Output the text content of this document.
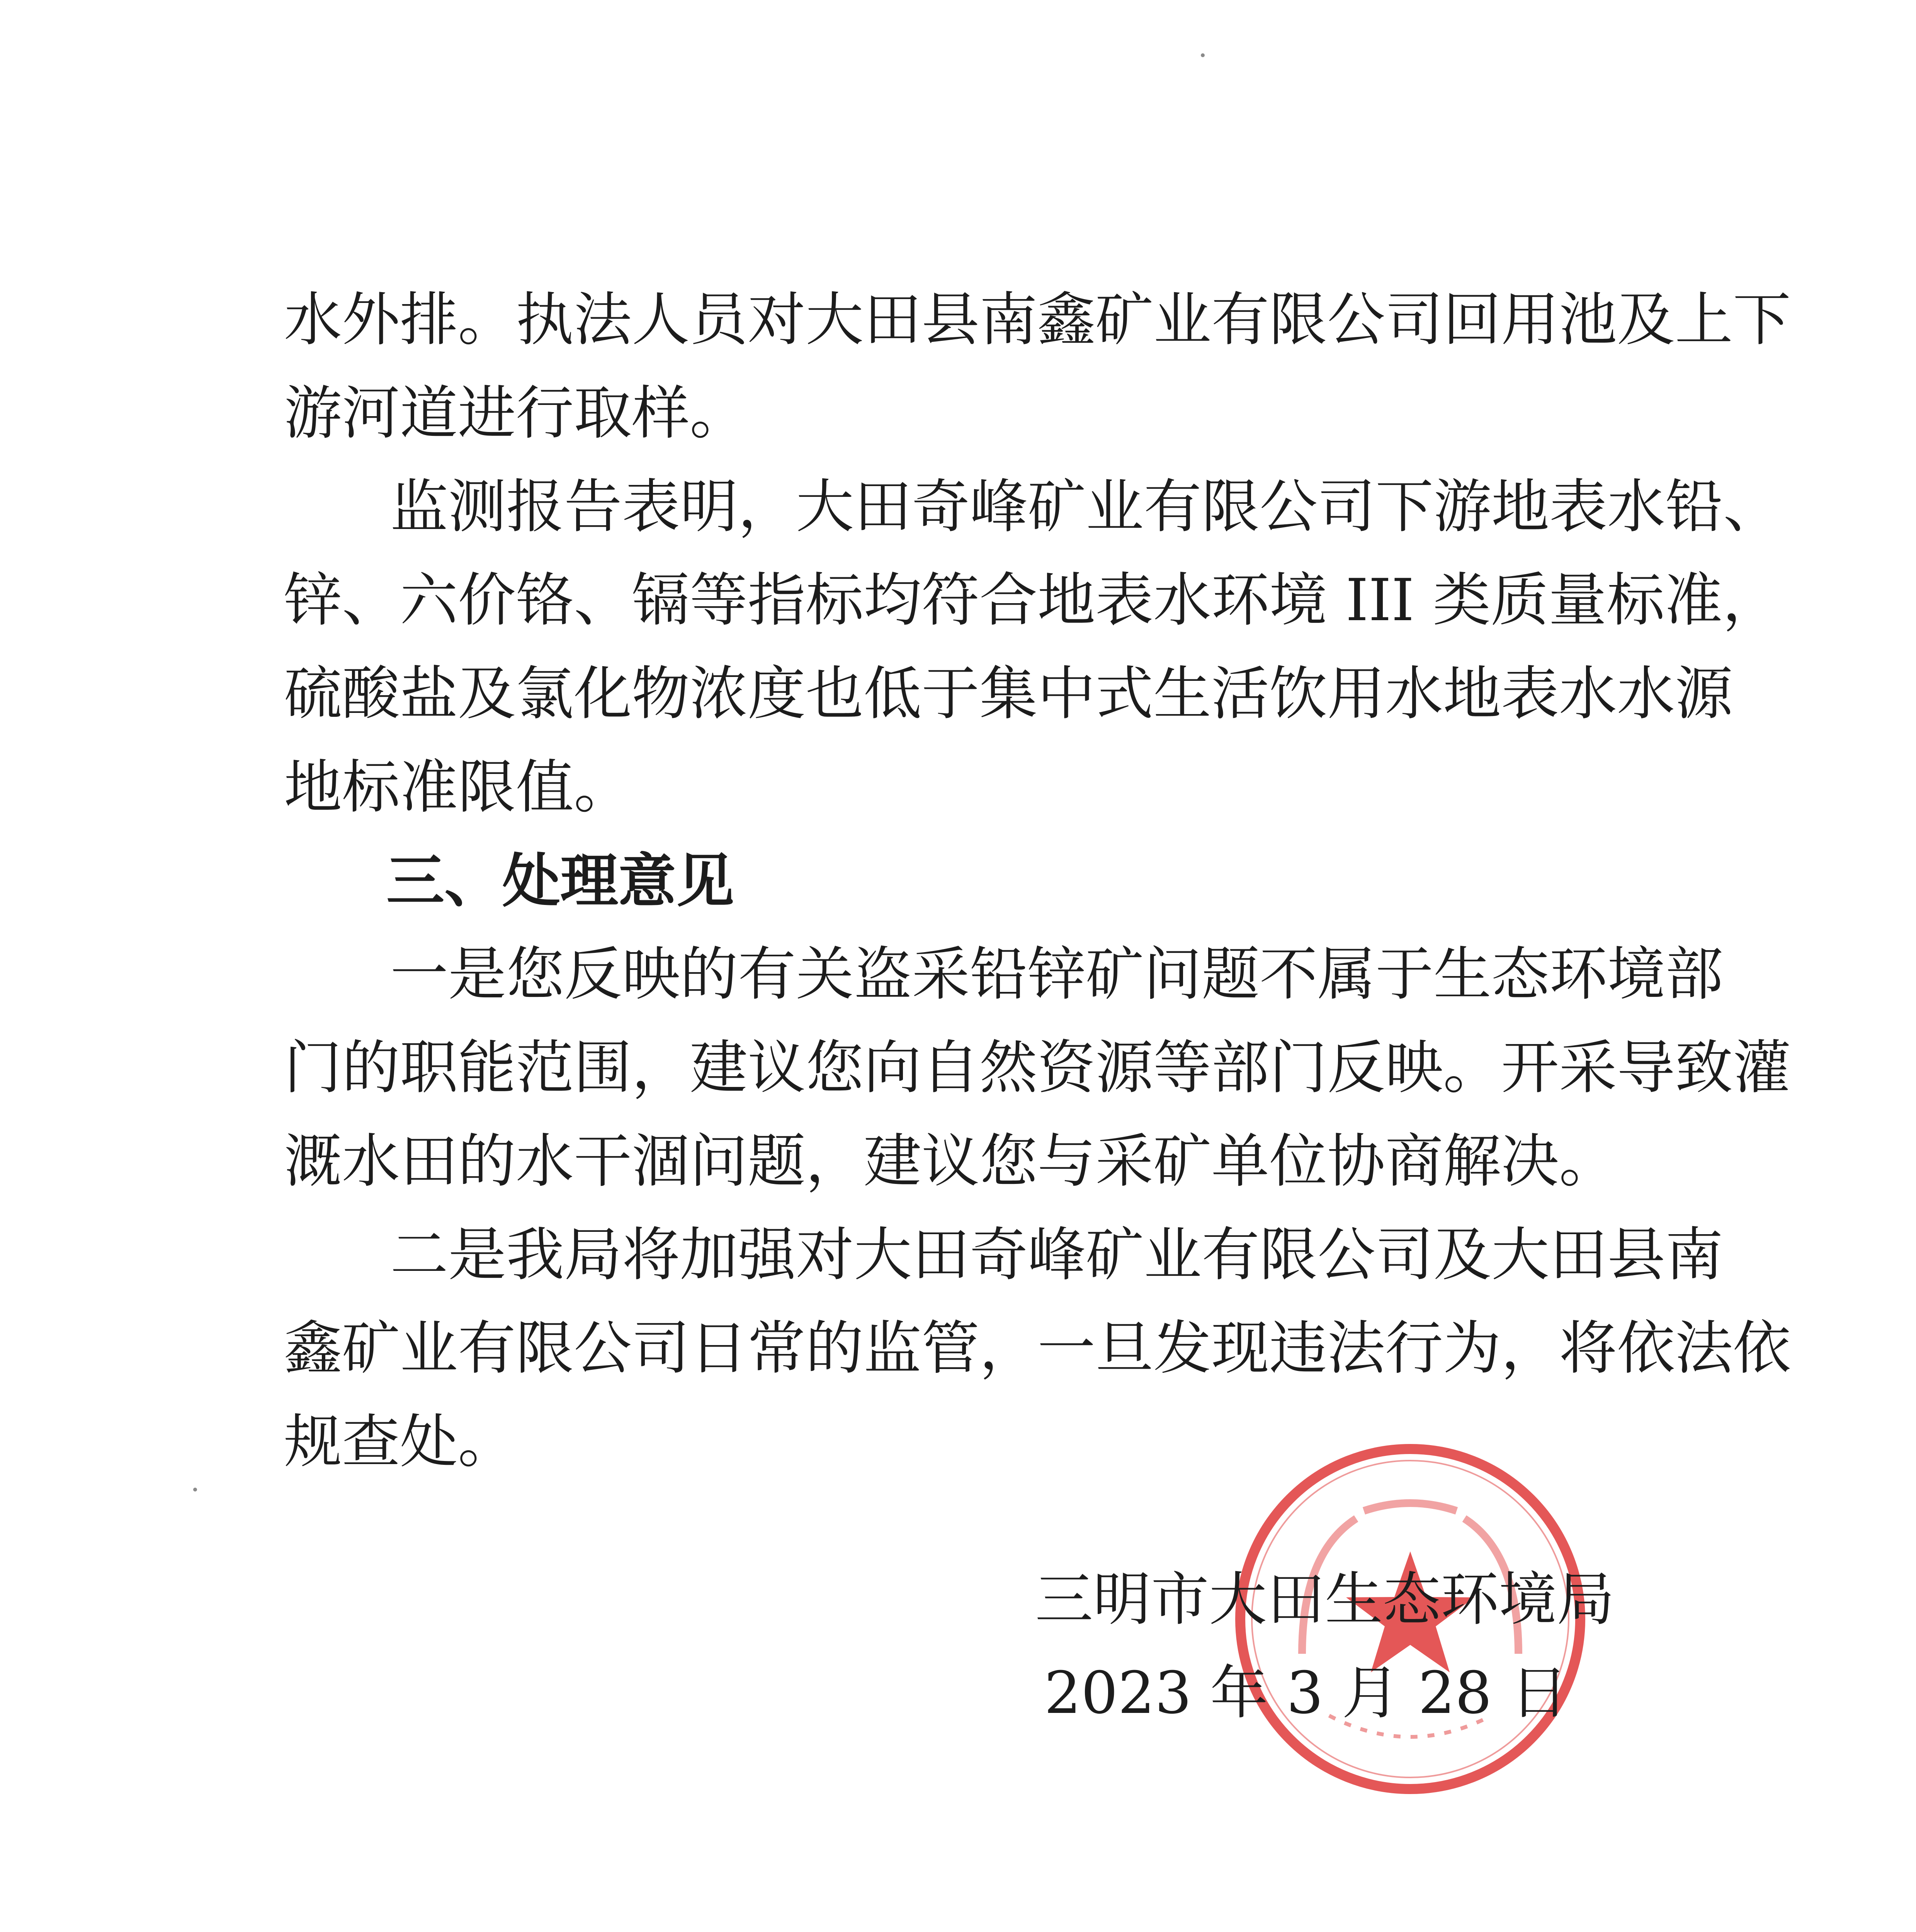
水外排。执法人员对大田县南鑫矿业有限公司回用池及上下

游河道进行取样。

监测报告表明，大田奇峰矿业有限公司下游地表水铅、

锌、六价铬、镉等指标均符合地表水环境 III 类质量标准，

硫酸盐及氯化物浓度也低于集中式生活饮用水地表水水源

地标准限值。

三、处理意见

一是您反映的有关盗采铅锌矿问题不属于生态环境部

门的职能范围，建议您向自然资源等部门反映。开采导致灌

溉水田的水干涸问题，建议您与采矿单位协商解决。

二是我局将加强对大田奇峰矿业有限公司及大田县南

鑫矿业有限公司日常的监管，一旦发现违法行为，将依法依

规查处。

三明市大田生态环境局

2023 年 3 月 28 日
